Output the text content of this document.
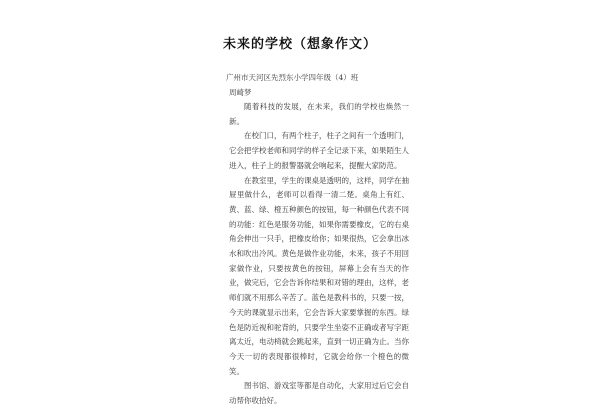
未来的学校（想象作文）
广州市天河区先烈东小学四年级（4）班
周崎梦

随着科技的发展，在未来，我们的学校也焕然一新。

在校门口，有两个柱子，柱子之间有一个透明门，它会把学校老师和同学的样子全记录下来，如果陌生人进入，柱子上的报警器就会响起来，提醒大家防范。

在教室里，学生的课桌是透明的，这样，同学在抽屉里做什么，老师可以看得一清二楚。桌角上有红、黄、蓝、绿、橙五种颜色的按钮，每一种颜色代表不同的功能：红色是服务功能，如果你需要橡皮，它的右桌角会伸出一只手，把橡皮给你；如果很热，它会拿出冰水和吹出冷风。黄色是做作业功能，未来，孩子不用回家做作业，只要按黄色的按钮，屏幕上会有当天的作业，做完后，它会告诉你结果和对错的理由，这样，老师们就不用那么辛苦了。蓝色是教科书的，只要一按，今天的课就显示出来，它会告诉大家要掌握的东西。绿色是防近视和驼背的，只要学生坐姿不正确或者写字距离太近，电动椅就会跳起来，直到一切正确为止。当你今天一切的表现都很棒时，它就会给你一个橙色的微笑。

图书馆、游戏室等都是自动化，大家用过后它会自动帮你收拾好。
